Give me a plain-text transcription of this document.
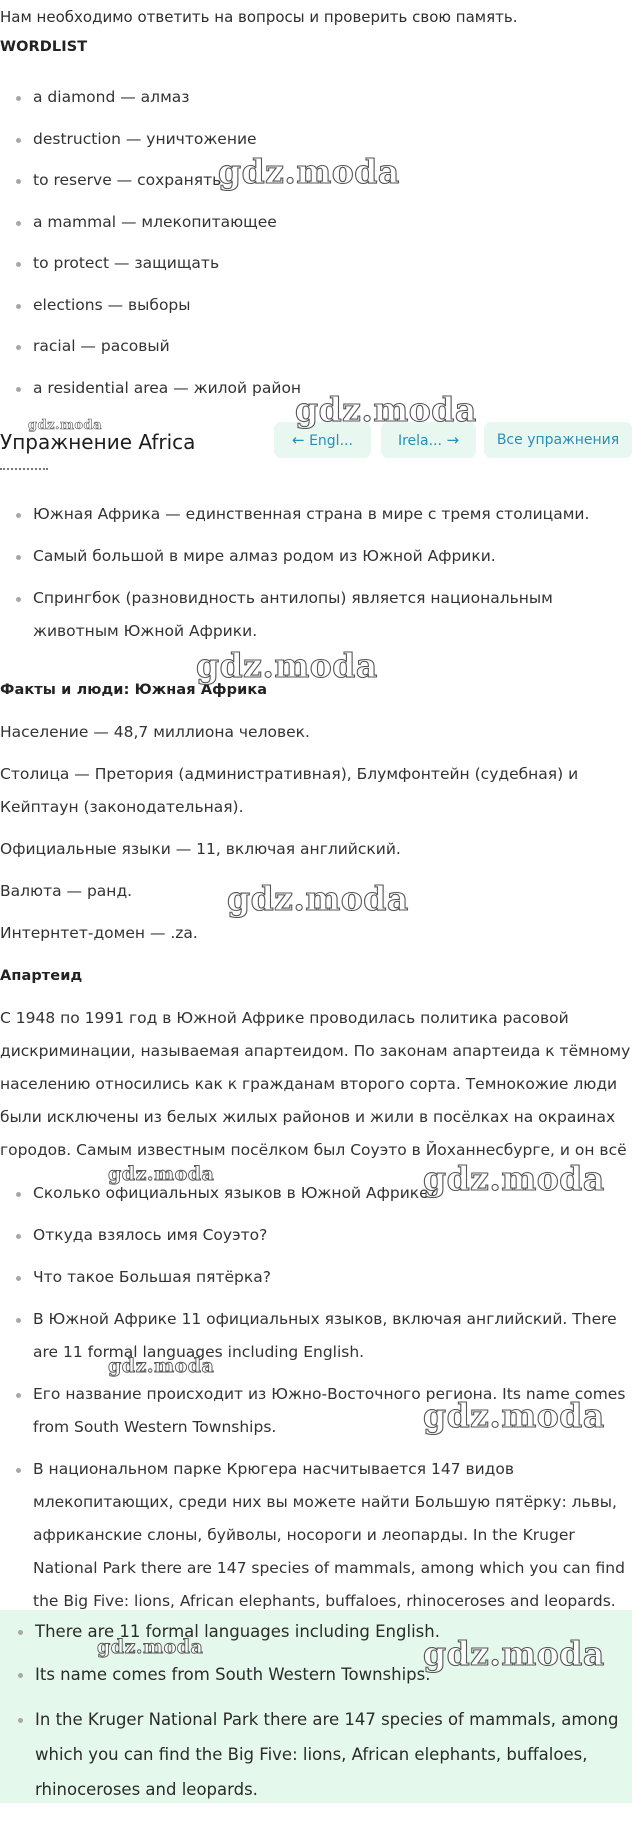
Нам необходимо ответить на вопросы и проверить свою память.

WORDLIST
a diamond — алмаз
destruction — уничтожение
to reserve — сохранять
a mammal — млекопитающее
to protect — защищать
elections — выборы
racial — расовый
a residential area — жилой район
Упражнение Africa	← Engl...	Irela... →	Все упражнения
Южная Африка — единственная страна в мире с тремя столицами.
Самый большой в мире алмаз родом из Южной Африки.
Спрингбок (разновидность антилопы) является национальным животным Южной Африки.
Факты и люди: Южная Африка
Население — 48,7 миллиона человек.
Столица — Претория (административная), Блумфонтейн (судебная) и Кейптаун (законодательная).
Официальные языки — 11, включая английский.
Валюта — ранд.
Интернтет-домен — .za.
Апартеид
С 1948 по 1991 год в Южной Африке проводилась политика расовой дискриминации, называемая апартеидом. По законам апартеида к тёмному населению относились как к гражданам второго сорта. Темнокожие люди были исключены из белых жилых районов и жили в посёлках на окраинах городов. Самым известным посёлком был Соуэто в Йоханнесбурге, и он всё
Сколько официальных языков в Южной Африке?
Откуда взялось имя Соуэто?
Что такое Большая пятёрка?
В Южной Африке 11 официальных языков, включая английский. There are 11 formal languages including English.
Его название происходит из Южно-Восточного региона. Its name comes from South Western Townships.
В национальном парке Крюгера насчитывается 147 видов млекопитающих, среди них вы можете найти Большую пятёрку: львы, африканские слоны, буйволы, носороги и леопарды. In the Kruger National Park there are 147 species of mammals, among which you can find the Big Five: lions, African elephants, buffaloes, rhinoceroses and leopards.
There are 11 formal languages including English.
Its name comes from South Western Townships.
In the Kruger National Park there are 147 species of mammals, among which you can find the Big Five: lions, African elephants, buffaloes, rhinoceroses and leopards.
gdz.moda
gdz.moda
gdz.moda
gdz.moda
gdz.moda
gdz.moda	gdz.moda
gdz.moda
gdz.moda
gdz.moda	gdz.moda
